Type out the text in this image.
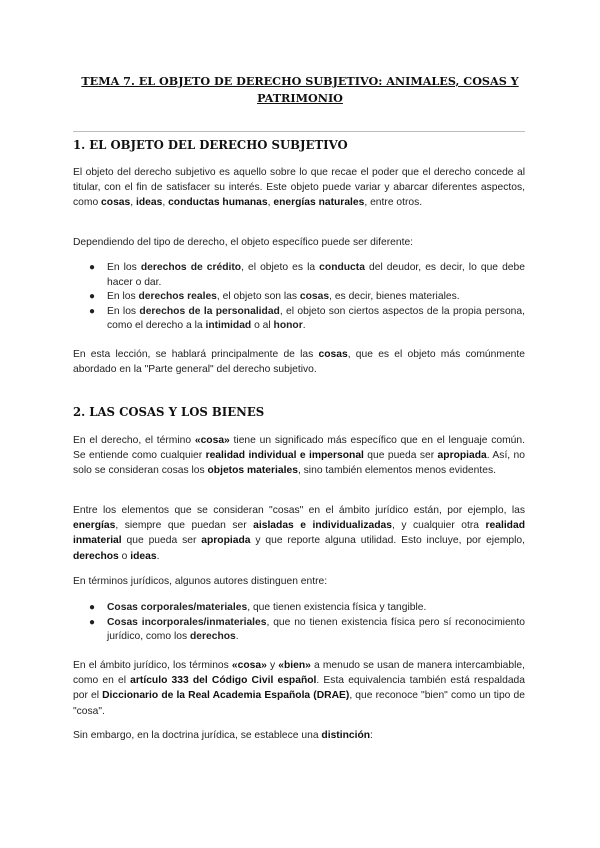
TEMA 7. EL OBJETO DE DERECHO SUBJETIVO: ANIMALES, COSAS Y PATRIMONIO
1. EL OBJETO DEL DERECHO SUBJETIVO

El objeto del derecho subjetivo es aquello sobre lo que recae el poder que el derecho concede al titular, con el fin de satisfacer su interés. Este objeto puede variar y abarcar diferentes aspectos, como cosas, ideas, conductas humanas, energías naturales, entre otros.

Dependiendo del tipo de derecho, el objeto específico puede ser diferente:

● En los derechos de crédito, el objeto es la conducta del deudor, es decir, lo que debe hacer o dar.
● En los derechos reales, el objeto son las cosas, es decir, bienes materiales.
● En los derechos de la personalidad, el objeto son ciertos aspectos de la propia persona, como el derecho a la intimidad o al honor.

En esta lección, se hablará principalmente de las cosas, que es el objeto más comúnmente abordado en la "Parte general" del derecho subjetivo.

2. LAS COSAS Y LOS BIENES

En el derecho, el término «cosa» tiene un significado más específico que en el lenguaje común. Se entiende como cualquier realidad individual e impersonal que pueda ser apropiada. Así, no solo se consideran cosas los objetos materiales, sino también elementos menos evidentes.

Entre los elementos que se consideran "cosas" en el ámbito jurídico están, por ejemplo, las energías, siempre que puedan ser aisladas e individualizadas, y cualquier otra realidad inmaterial que pueda ser apropiada y que reporte alguna utilidad. Esto incluye, por ejemplo, derechos o ideas.

En términos jurídicos, algunos autores distinguen entre:

● Cosas corporales/materiales, que tienen existencia física y tangible.
● Cosas incorporales/inmateriales, que no tienen existencia física pero sí reconocimiento jurídico, como los derechos.

En el ámbito jurídico, los términos «cosa» y «bien» a menudo se usan de manera intercambiable, como en el artículo 333 del Código Civil español. Esta equivalencia también está respaldada por el Diccionario de la Real Academia Española (DRAE), que reconoce "bien" como un tipo de "cosa".

Sin embargo, en la doctrina jurídica, se establece una distinción:
